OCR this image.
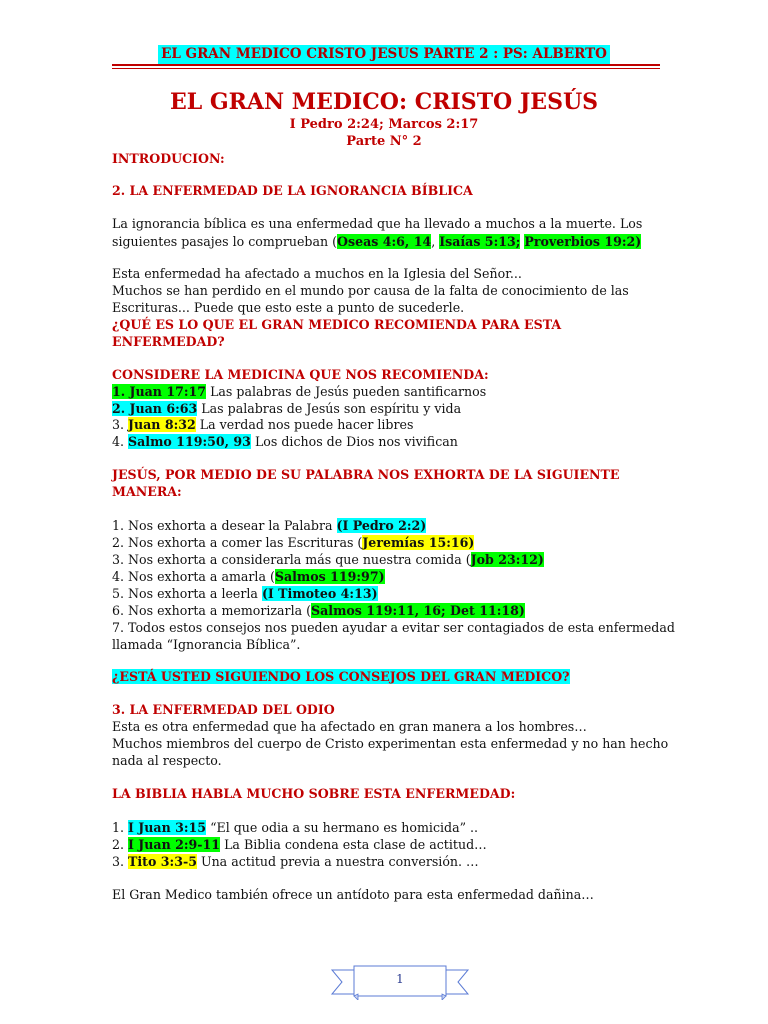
EL GRAN MEDICO CRISTO JESUS PARTE 2 : PS: ALBERTO
EL GRAN MEDICO: CRISTO JESÚS
I Pedro 2:24; Marcos 2:17
Parte N° 2
INTRODUCION:
2. LA ENFERMEDAD DE LA IGNORANCIA BÍBLICA
La ignorancia bíblica es una enfermedad que ha llevado a muchos a la muerte. Los
siguientes pasajes lo comprueban (Oseas 4:6, 14, Isaías 5:13; Proverbios 19:2)
Esta enfermedad ha afectado a muchos en la Iglesia del Señor...
Muchos se han perdido en el mundo por causa de la falta de conocimiento de las
Escrituras... Puede que esto este a punto de sucederle.
¿QUÉ ES LO QUE EL GRAN MEDICO RECOMIENDA PARA ESTA
ENFERMEDAD?
CONSIDERE LA MEDICINA QUE NOS RECOMIENDA:
1. Juan 17:17 Las palabras de Jesús pueden santificarnos
2. Juan 6:63 Las palabras de Jesús son espíritu y vida
3. Juan 8:32 La verdad nos puede hacer libres
4. Salmo 119:50, 93 Los dichos de Dios nos vivifican
JESÚS, POR MEDIO DE SU PALABRA NOS EXHORTA DE LA SIGUIENTE
MANERA:
1. Nos exhorta a desear la Palabra (I Pedro 2:2)
2. Nos exhorta a comer las Escrituras (Jeremías 15:16)
3. Nos exhorta a considerarla más que nuestra comida (Job 23:12)
4. Nos exhorta a amarla (Salmos 119:97)
5. Nos exhorta a leerla (I Timoteo 4:13)
6. Nos exhorta a memorizarla (Salmos 119:11, 16; Det 11:18)
7. Todos estos consejos nos pueden ayudar a evitar ser contagiados de esta enfermedad
llamada “Ignorancia Bíblica”.
¿ESTÁ USTED SIGUIENDO LOS CONSEJOS DEL GRAN MEDICO?
3. LA ENFERMEDAD DEL ODIO
Esta es otra enfermedad que ha afectado en gran manera a los hombres…
Muchos miembros del cuerpo de Cristo experimentan esta enfermedad y no han hecho
nada al respecto.
LA BIBLIA HABLA MUCHO SOBRE ESTA ENFERMEDAD:
1. I Juan 3:15 “El que odia a su hermano es homicida” ..
2. I Juan 2:9-11 La Biblia condena esta clase de actitud…
3. Tito 3:3-5 Una actitud previa a nuestra conversión. …
El Gran Medico también ofrece un antídoto para esta enfermedad dañina…
1
